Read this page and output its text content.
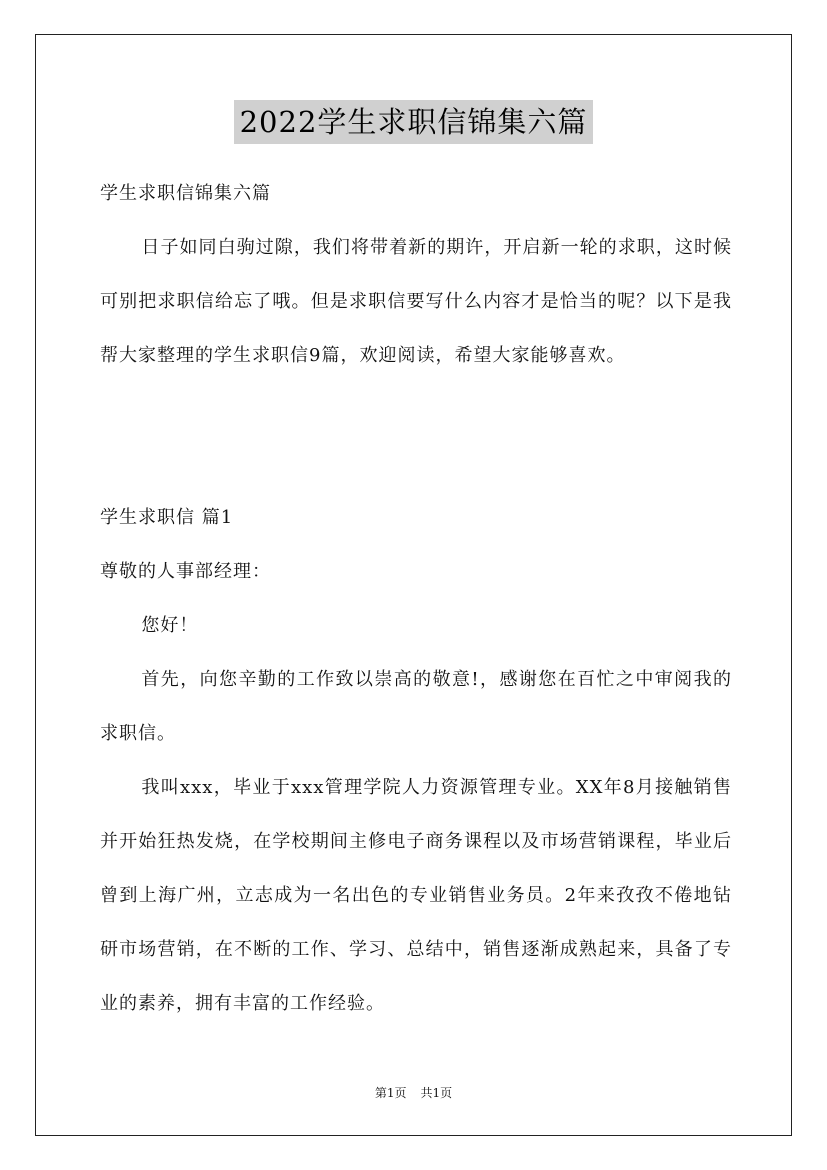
2022学生求职信锦集六篇

学生求职信锦集六篇

日子如同白驹过隙，我们将带着新的期许，开启新一轮的求职，这时候可别把求职信给忘了哦。但是求职信要写什么内容才是恰当的呢？以下是我帮大家整理的学生求职信9篇，欢迎阅读，希望大家能够喜欢。

学生求职信 篇1

尊敬的人事部经理：

您好！

首先，向您辛勤的工作致以崇高的敬意!，感谢您在百忙之中审阅我的求职信。

我叫xxx，毕业于xxx管理学院人力资源管理专业。XX年8月接触销售并开始狂热发烧，在学校期间主修电子商务课程以及市场营销课程，毕业后曾到上海广州，立志成为一名出色的专业销售业务员。2年来孜孜不倦地钻研市场营销，在不断的工作、学习、总结中，销售逐渐成熟起来，具备了专业的素养，拥有丰富的工作经验。

第1页 共1页
